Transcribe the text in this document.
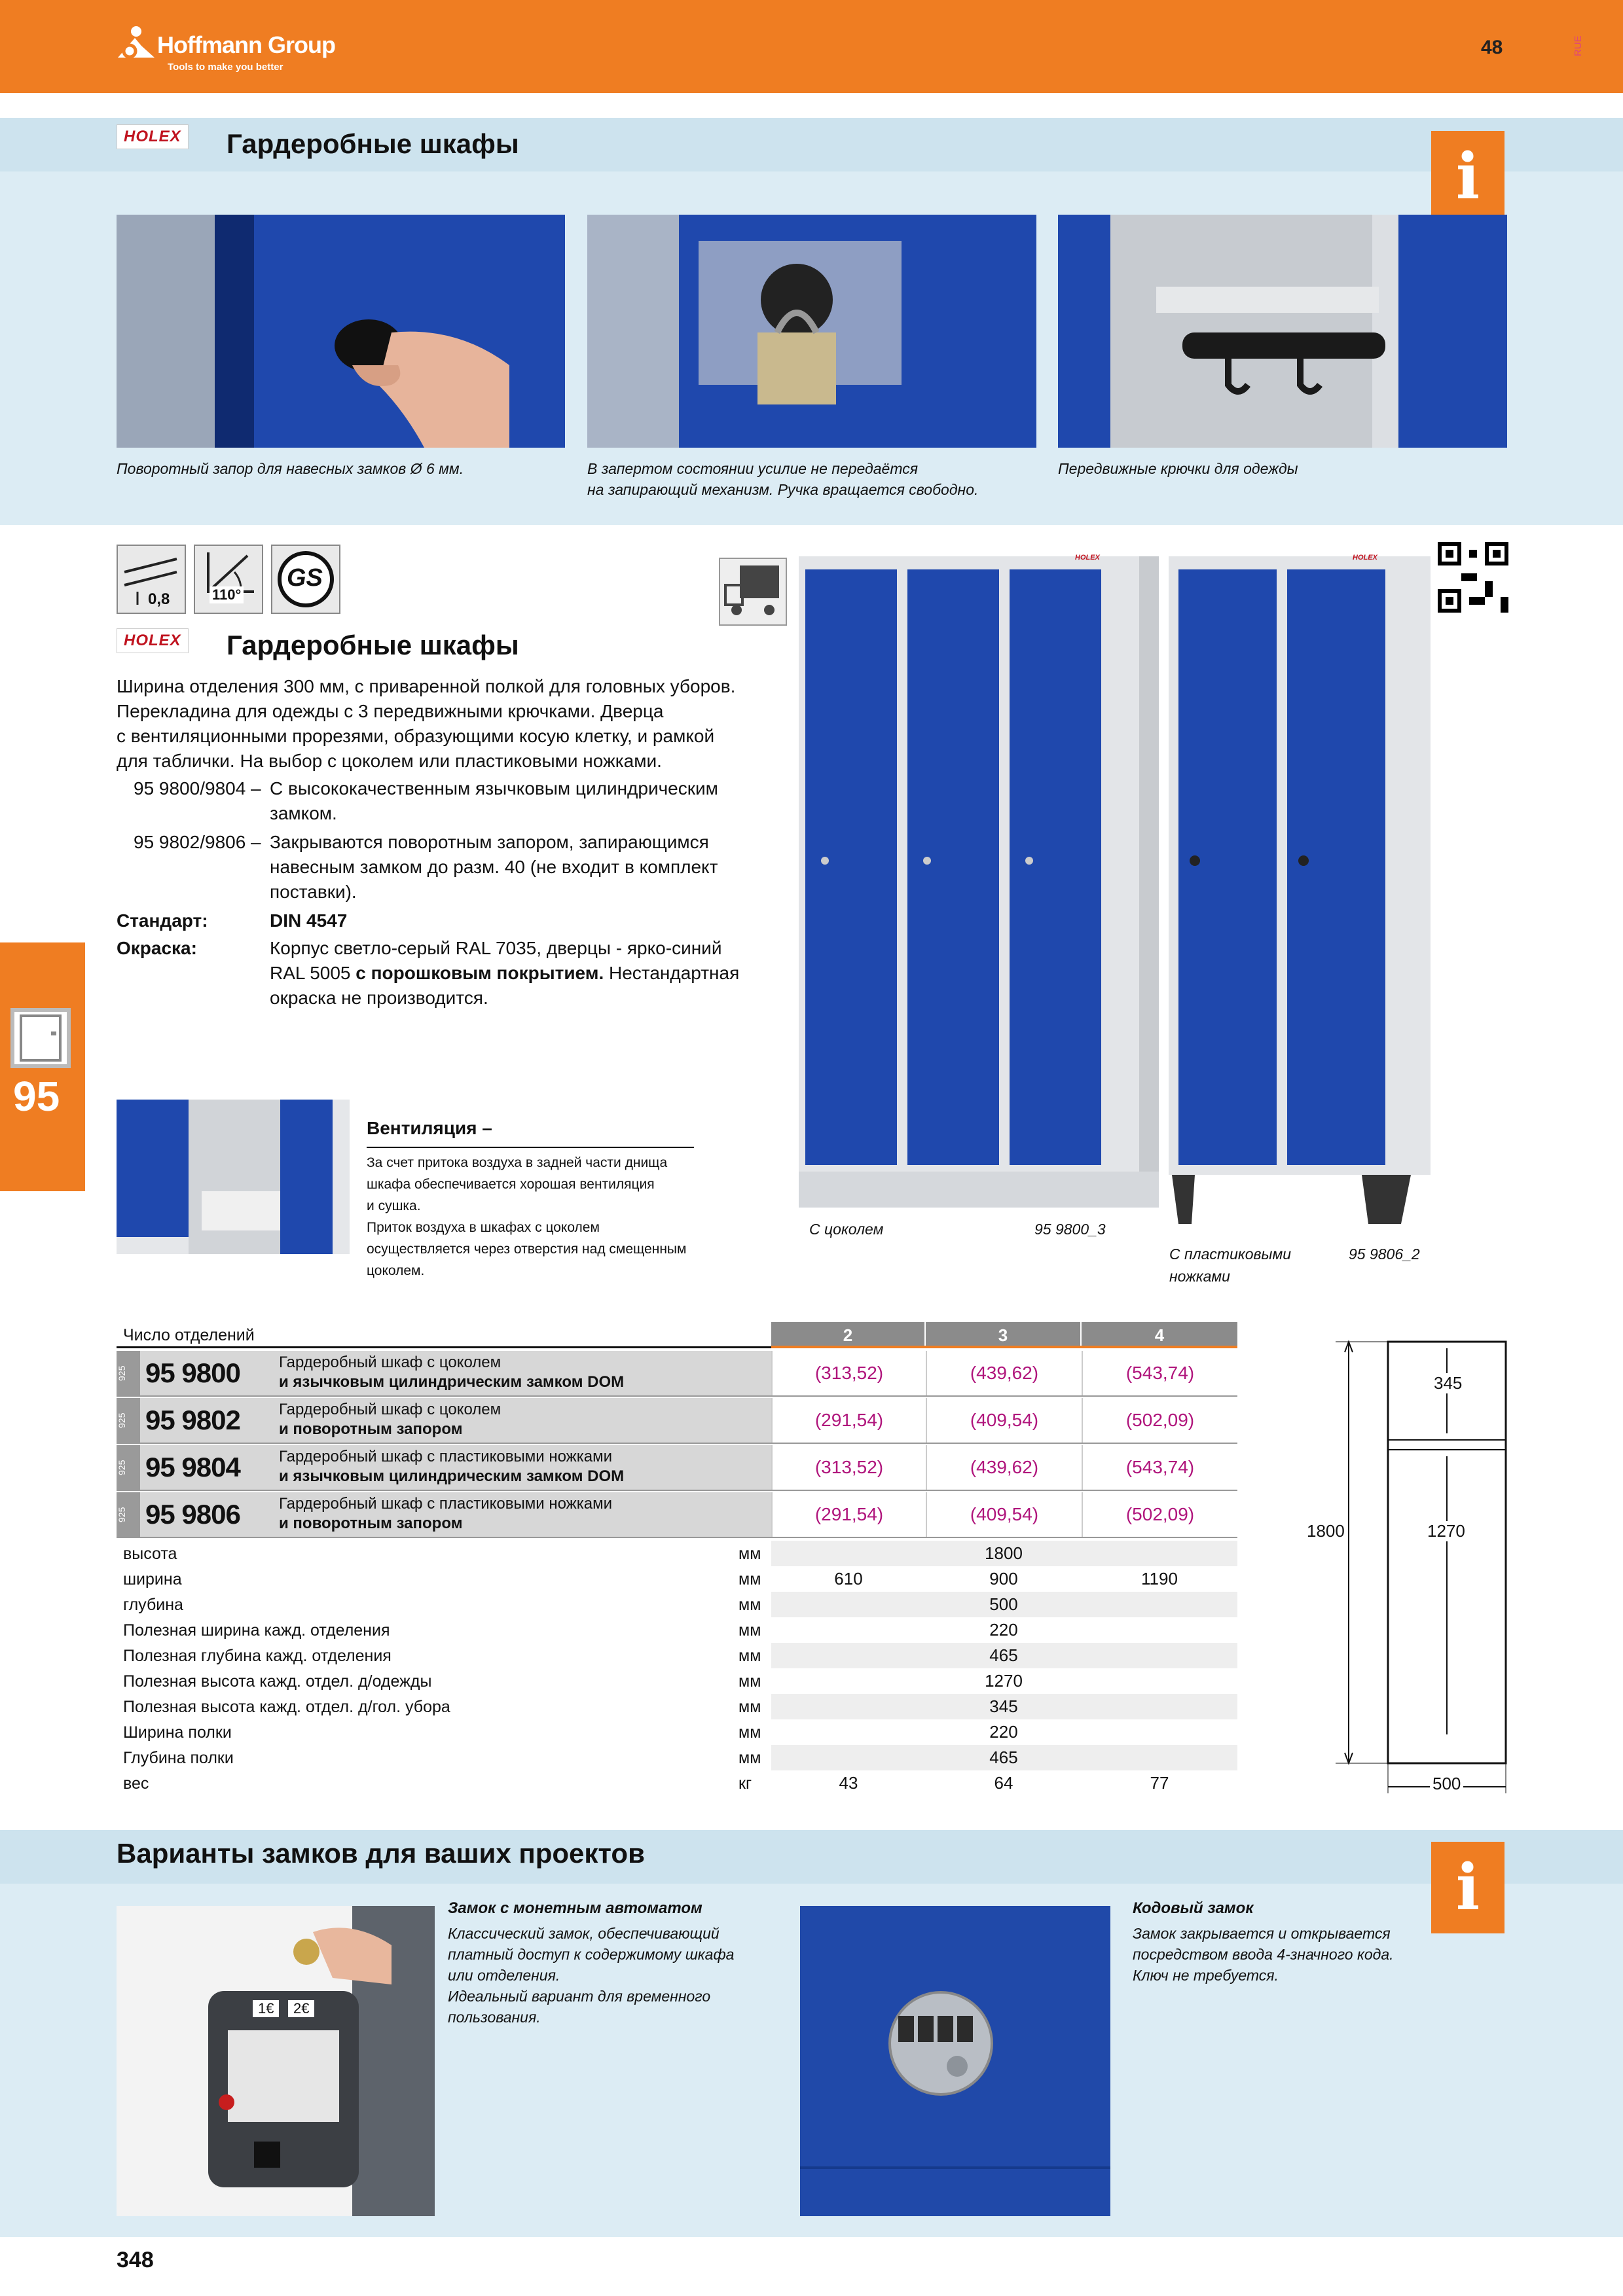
Hoffmann Group
Tools to make you better
48	RUE
HOLEX Гардеробные шкафы	i
Поворотный запор для навесных замков Ø 6 мм.	В запертом состоянии усилие не передаётся
на запирающий механизм. Ручка вращается свободно.
Передвижные крючки для одежды
0,8	110°
GS
HOLEX Гардеробные шкафы
Ширина отделения 300 мм, с приваренной полкой для головных уборов.
Перекладина для одежды с 3 передвижными крючками. Дверца
с вентиляционными прорезями, образующими косую клетку, и рамкой
для таблички. На выбор с цоколем или пластиковыми ножками.
95 9800/9804 – С высококачественным язычковым цилиндрическим
замком.
95 9802/9806 – Закрываются поворотным запором, запирающимся
навесным замком до разм. 40 (не входит в комплект
поставки).
Стандарт:	DIN 4547
Окраска:	Корпус светло-серый RAL 7035, дверцы - ярко-синий
RAL 5005 с порошковым покрытием. Нестандартная
окраска не производится.
95
HOLEX	HOLEX
С цоколем	95 9800_3
С пластиковыми
ножками
95 9806_2
Вентиляция –
За счет притока воздуха в задней части днища
шкафа обеспечивается хорошая вентиляция
и сушка.
Приток воздуха в шкафах с цоколем
осуществляется через отверстия над смещенным
цоколем.
Число отделений	2	3	4
925 95 9800 Гардеробный шкаф с цоколем
и язычковым цилиндрическим замком DOM	(313,52)	(439,62)	(543,74)
925 95 9802 Гардеробный шкаф с цоколем
и поворотным запором	(291,54)	(409,54)	(502,09)
925 95 9804 Гардеробный шкаф с пластиковыми ножками
и язычковым цилиндрическим замком DOM	(313,52)	(439,62)	(543,74)
925 95 9806 Гардеробный шкаф с пластиковыми ножками
и поворотным запором	(291,54)	(409,54)	(502,09)
высота	мм	1800
ширина	мм	610	900	1190
глубина	мм	500
Полезная ширина кажд. отделения	мм	220
Полезная глубина кажд. отделения	мм	465
Полезная высота кажд. отдел. д/одежды	мм	1270
Полезная высота кажд. отдел. д/гол. убора	мм	345
Ширина полки	мм	220
Глубина полки	мм	465
вес	кг	43	64	77
345
1270
1800
500
Варианты замков для ваших проектов	i
1€	2€
Замок с монетным автоматом
Классический замок, обеспечивающий
платный доступ к содержимому шкафа
или отделения.
Идеальный вариант для временного
пользования.
Кодовый замок
Замок закрывается и открывается
посредством ввода 4-значного кода.
Ключ не требуется.
348
